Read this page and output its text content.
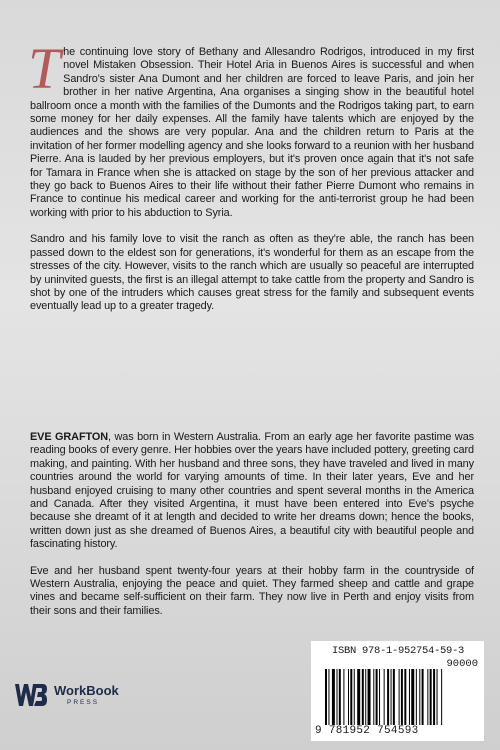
The continuing love story of Bethany and Allesandro Rodrigos, introduced in my first novel Mistaken Obsession. Their Hotel Aria in Buenos Aires is successful and when Sandro's sister Ana Dumont and her children are forced to leave Paris, and join her brother in her native Argentina, Ana organises a singing show in the beautiful hotel ballroom once a month with the families of the Dumonts and the Rodrigos taking part, to earn some money for her daily expenses. All the family have talents which are enjoyed by the audiences and the shows are very popular. Ana and the children return to Paris at the invitation of her former modelling agency and she looks forward to a reunion with her husband Pierre. Ana is lauded by her previous employers, but it's proven once again that it's not safe for Tamara in France when she is attacked on stage by the son of her previous attacker and they go back to Buenos Aires to their life without their father Pierre Dumont who remains in France to continue his medical career and working for the anti-terrorist group he had been working with prior to his abduction to Syria.

Sandro and his family love to visit the ranch as often as they're able, the ranch has been passed down to the eldest son for generations, it's wonderful for them as an escape from the stresses of the city. However, visits to the ranch which are usually so peaceful are interrupted by uninvited guests, the first is an illegal attempt to take cattle from the property and Sandro is shot by one of the intruders which causes great stress for the family and subsequent events eventually lead up to a greater tragedy.

EVE GRAFTON, was born in Western Australia. From an early age her favorite pastime was reading books of every genre. Her hobbies over the years have included pottery, greeting card making, and painting. With her husband and three sons, they have traveled and lived in many countries around the world for varying amounts of time. In their later years, Eve and her husband enjoyed cruising to many other countries and spent several months in the America and Canada. After they visited Argentina, it must have been entered into Eve's psyche because she dreamt of it at length and decided to write her dreams down; hence the books, written down just as she dreamed of Buenos Aires, a beautiful city with beautiful people and fascinating history.

Eve and her husband spent twenty-four years at their hobby farm in the countryside of Western Australia, enjoying the peace and quiet. They farmed sheep and cattle and grape vines and became self-sufficient on their farm. They now live in Perth and enjoy visits from their sons and their families.

WorkBook
PRESS
ISBN 978-1-952754-59-3
90000
9 781952 754593
